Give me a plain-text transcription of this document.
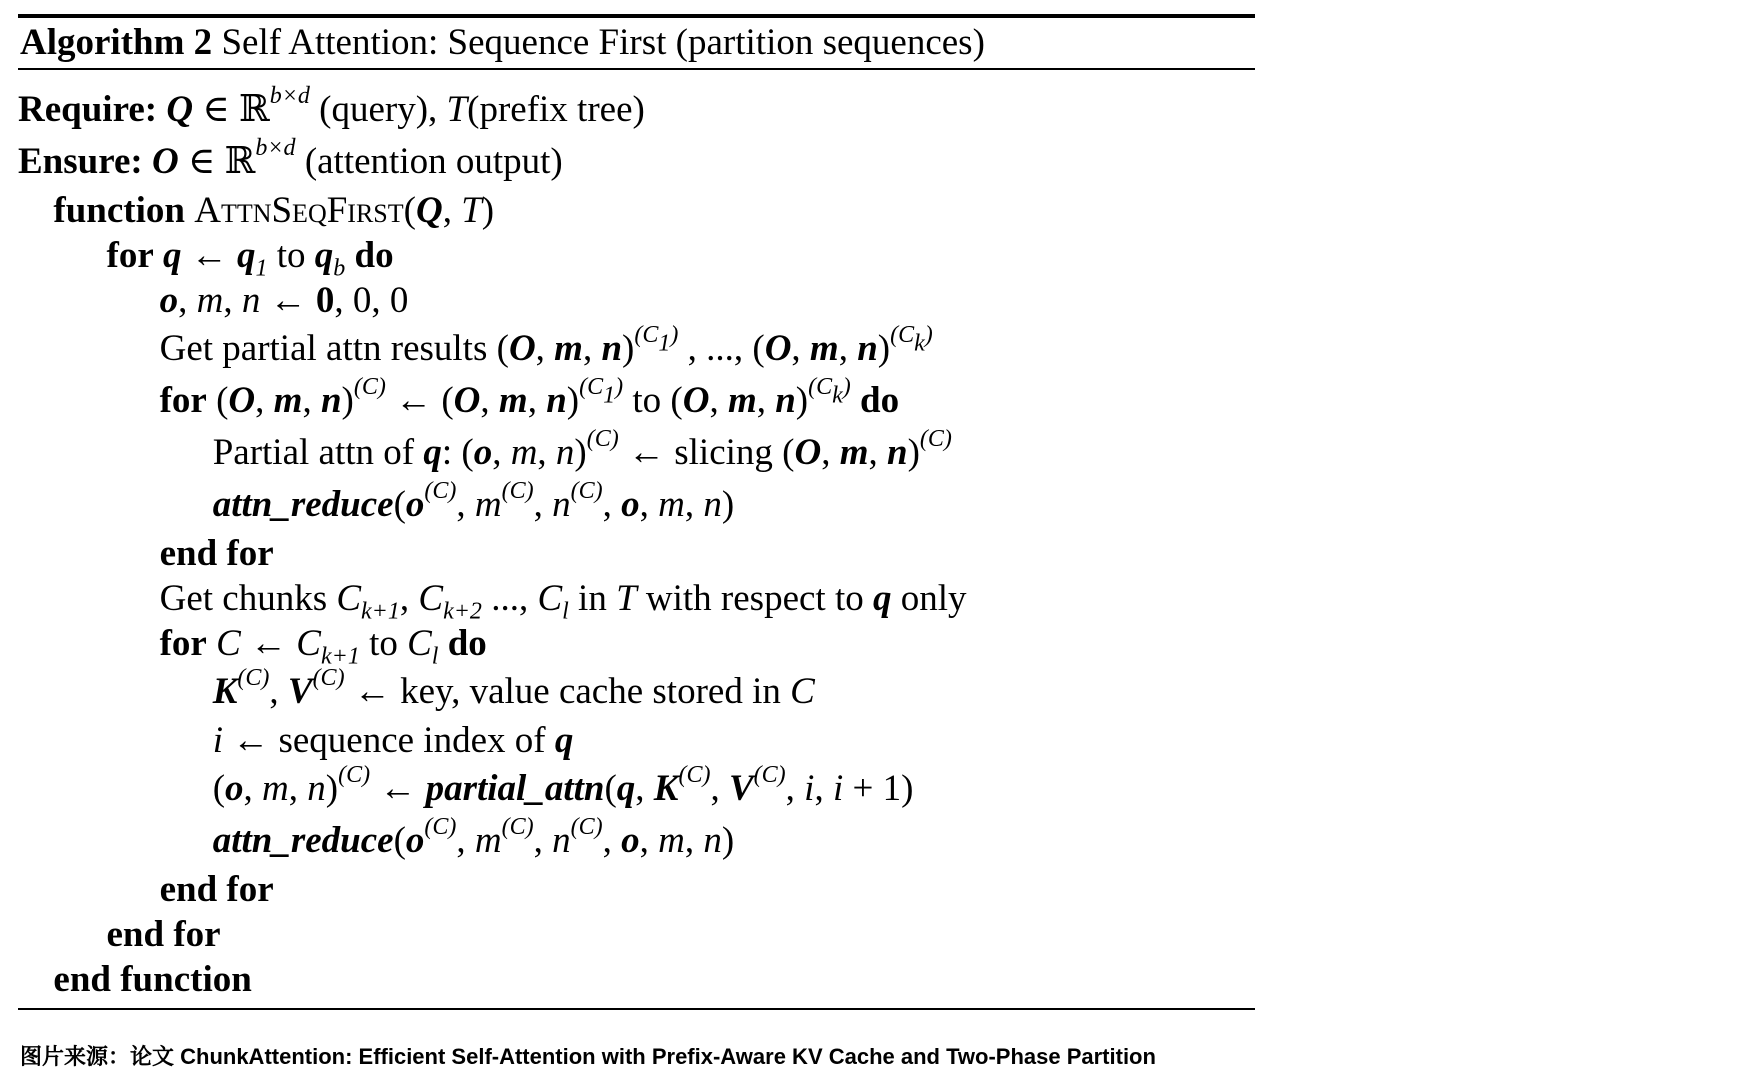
Algorithm 2 Self Attention: Sequence First (partition sequences)
Require: Q ∈ ℝ$^{b\times d}$ (query), T(prefix tree)
Ensure: O ∈ ℝ$^{b\times d}$ (attention output)
function AttnSeqFirst(Q, T)
for q ← $q_1$ to $q_b$ do
o, m, n ← 0, 0, 0
Get partial attn results (O, m, n)$^{(C_1)}$ , ..., (O, m, n)$^{(C_k)}$
for (O, m, n)$^{(C)}$ ← (O, m, n)$^{(C_1)}$ to (O, m, n)$^{(C_k)}$ do
Partial attn of q: (o, m, n)$^{(C)}$ ← slicing (O, m, n)$^{(C)}$
$attn\_reduce(o^{(C)}$, $m^{(C)}$, $n^{(C)}$, o, m, n)
end for
Get chunks $C_{k+1}$, $C_{k+2}$ ..., $C_l$ in T with respect to q only
for C ← $C_{k+1}$ to $C_l$ do
$K^{(C)}$, $V^{(C)}$ ← key, value cache stored in C
i ← sequence index of q
(o, m, n)$^{(C)}$ ← partial_attn(q, $K^{(C)}$, $V^{(C)}$, i, i + 1)
$attn\_reduce(o^{(C)}$, $m^{(C)}$, $n^{(C)}$, o, m, n)
end for
end for
end function
图片来源：论文 ChunkAttention: Efficient Self-Attention with Prefix-Aware KV Cache and Two-Phase Partition
